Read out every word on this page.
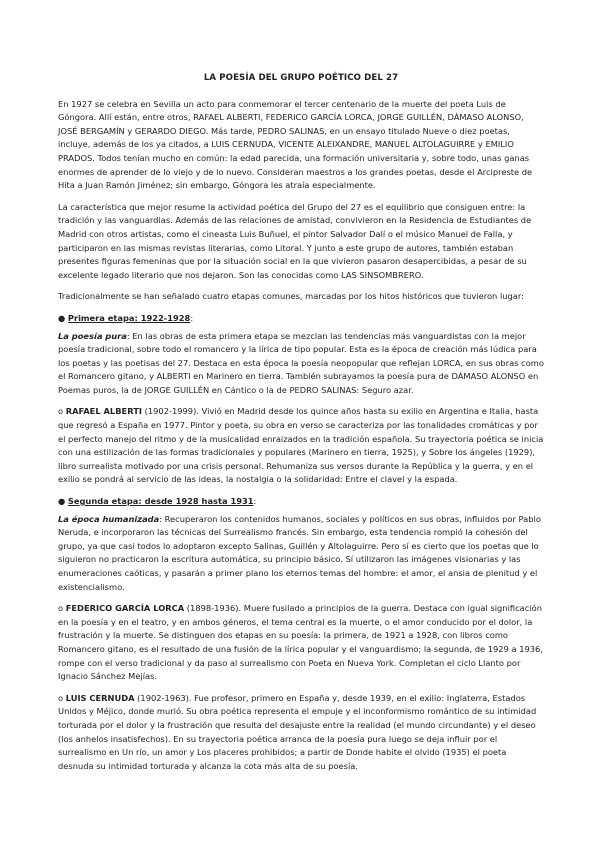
LA POESÍA DEL GRUPO POÉTICO DEL 27

En 1927 se celebra en Sevilla un acto para conmemorar el tercer centenario de la muerte del poeta Luis de Góngora. Allí están, entre otros, RAFAEL ALBERTI, FEDERICO GARCÍA LORCA, JORGE GUILLÉN, DÁMASO ALONSO, JOSÉ BERGAMÍN y GERARDO DIEGO. Más tarde, PEDRO SALINAS, en un ensayo titulado Nueve o diez poetas, incluye, además de los ya citados, a LUIS CERNUDA, VICENTE ALEIXANDRE, MANUEL ALTOLAGUIRRE y EMILIO PRADOS. Todos tenían mucho en común: la edad parecida, una formación universitaria y, sobre todo, unas ganas enormes de aprender de lo viejo y de lo nuevo. Consideran maestros a los grandes poetas, desde el Arcipreste de Hita a Juan Ramón Jiménez; sin embargo, Góngora les atraía especialmente.

La característica que mejor resume la actividad poética del Grupo del 27 es el equilibrio que consiguen entre: la tradición y las vanguardias. Además de las relaciones de amistad, convivieron en la Residencia de Estudiantes de Madrid con otros artistas, como el cineasta Luis Buñuel, el pintor Salvador Dalí o el músico Manuel de Falla, y participaron en las mismas revistas literarias, como Litoral. Y junto a este grupo de autores, también estaban presentes figuras femeninas que por la situación social en la que vivieron pasaron desapercibidas, a pesar de su excelente legado literario que nos dejaron. Son las conocidas como LAS SINSOMBRERO.

Tradicionalmente se han señalado cuatro etapas comunes, marcadas por los hitos históricos que tuvieron lugar:

● Primera etapa: 1922-1928:

La poesía pura: En las obras de esta primera etapa se mezclan las tendencias más vanguardistas con la mejor poesía tradicional, sobre todo el romancero y la lírica de tipo popular. Esta es la época de creación más lúdica para los poetas y las poetisas del 27. Destaca en esta época la poesía neopopular que reflejan LORCA, en sus obras como el Romancero gitano, y ALBERTI en Marinero en tierra. También subrayamos la poesía pura de DÁMASO ALONSO en Poemas puros, la de JORGE GUILLÉN en Cántico o la de PEDRO SALINAS: Seguro azar.

o RAFAEL ALBERTI (1902-1999). Vivió en Madrid desde los quince años hasta su exilio en Argentina e Italia, hasta que regresó a España en 1977. Pintor y poeta, su obra en verso se caracteriza por las tonalidades cromáticas y por el perfecto manejo del ritmo y de la musicalidad enraizados en la tradición española. Su trayectoria poética se inicia con una estilización de las formas tradicionales y populares (Marinero en tierra, 1925), y Sobre los ángeles (1929), libro surrealista motivado por una crisis personal. Rehumaniza sus versos durante la República y la guerra, y en el exilio se pondrá al servicio de las ideas, la nostalgia o la solidaridad: Entre el clavel y la espada.

● Segunda etapa: desde 1928 hasta 1931:

La época humanizada: Recuperaron los contenidos humanos, sociales y políticos en sus obras, influidos por Pablo Neruda, e incorporaron las técnicas del Surrealismo francés. Sin embargo, esta tendencia rompió la cohesión del grupo, ya que casi todos lo adoptaron excepto Salinas, Guillén y Altolaguirre. Pero sí es cierto que los poetas que lo siguieron no practicaron la escritura automática, su principio básico. Sí utilizaron las imágenes visionarias y las enumeraciones caóticas, y pasarán a primer plano los eternos temas del hombre: el amor, el ansia de plenitud y el existencialismo.

o FEDERICO GARCÍA LORCA (1898-1936). Muere fusilado a principios de la guerra. Destaca con igual significación en la poesía y en el teatro, y en ambos géneros, el tema central es la muerte, o el amor conducido por el dolor, la frustración y la muerte. Se distinguen dos etapas en su poesía: la primera, de 1921 a 1928, con libros como Romancero gitano, es el resultado de una fusión de la lírica popular y el vanguardismo; la segunda, de 1929 a 1936, rompe con el verso tradicional y da paso al surrealismo con Poeta en Nueva York. Completan el ciclo Llanto por Ignacio Sánchez Mejías.

o LUIS CERNUDA (1902-1963). Fue profesor, primero en España y, desde 1939, en el exilio: Inglaterra, Estados Unidos y Méjico, donde murió. Su obra poética representa el empuje y el inconformismo romántico de su intimidad torturada por el dolor y la frustración que resulta del desajuste entre la realidad (el mundo circundante) y el deseo (los anhelos insatisfechos). En su trayectoria poética arranca de la poesía pura luego se deja influir por el surrealismo en Un río, un amor y Los placeres prohibidos; a partir de Donde habite el olvido (1935) el poeta desnuda su intimidad torturada y alcanza la cota más alta de su poesía.
